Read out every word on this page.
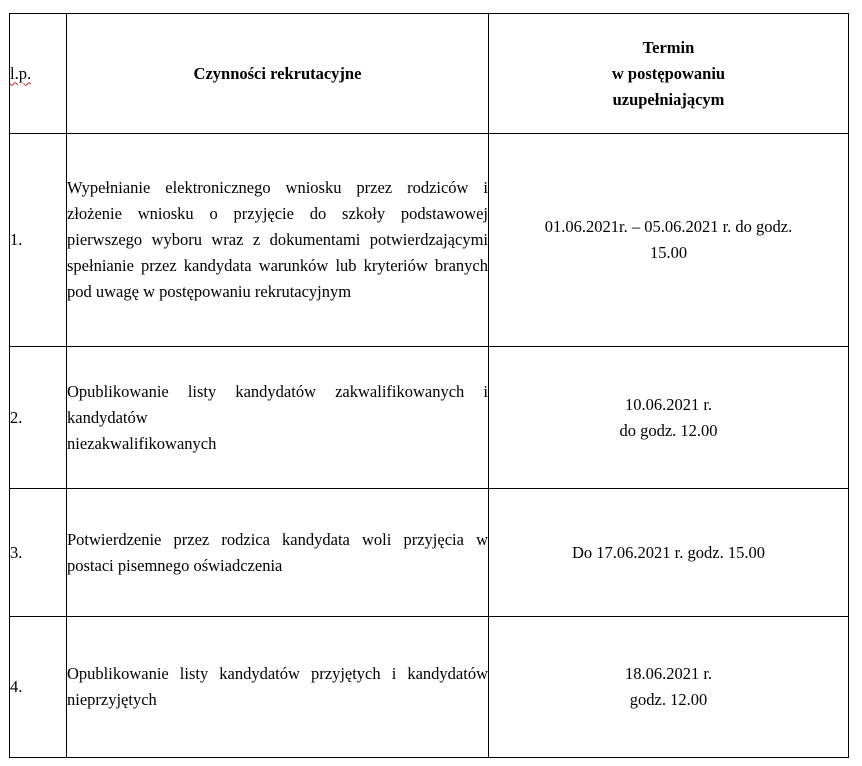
l.p.	Czynności rekrutacyjne	Termin
w postępowaniu
uzupełniającym

1.	Wypełnianie elektronicznego wniosku przez rodziców i złożenie wniosku o przyjęcie do szkoły podstawowej pierwszego wyboru wraz z dokumentami potwierdzającymi spełnianie przez kandydata warunków lub kryteriów branych pod uwagę w postępowaniu rekrutacyjnym	01.06.2021r. – 05.06.2021 r. do godz.
15.00

2.	Opublikowanie listy kandydatów zakwalifikowanych i kandydatów
niezakwalifikowanych	10.06.2021 r.
do godz. 12.00

3.	Potwierdzenie przez rodzica kandydata woli przyjęcia w postaci pisemnego oświadczenia	Do 17.06.2021 r. godz. 15.00

4.	Opublikowanie listy kandydatów przyjętych i kandydatów nieprzyjętych	18.06.2021 r.
godz. 12.00
